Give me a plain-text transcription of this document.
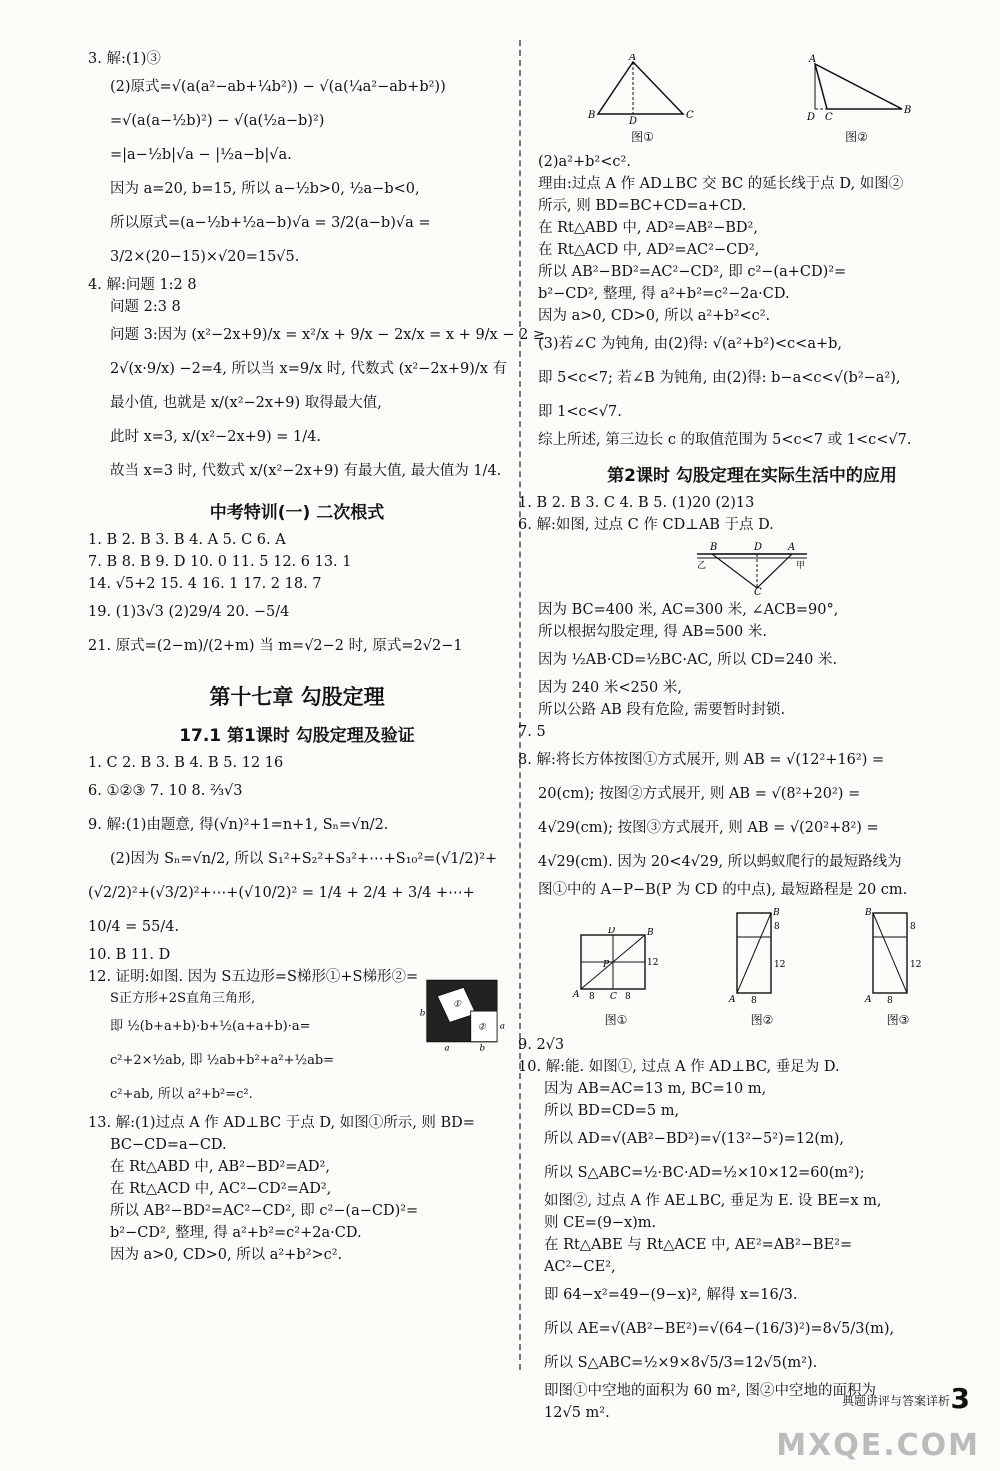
3. 解:(1)③

(2)原式=√(a(a²−ab+¼b²)) − √(a(¼a²−ab+b²))

=√(a(a−½b)²) − √(a(½a−b)²)

=|a−½b|√a − |½a−b|√a.

因为 a=20, b=15, 所以 a−½b>0, ½a−b<0,

所以原式=(a−½b+½a−b)√a = 3/2(a−b)√a =

3/2×(20−15)×√20=15√5.

4. 解:问题 1:2 8

问题 2:3 8

问题 3:因为 (x²−2x+9)/x = x²/x + 9/x − 2x/x = x + 9/x − 2 ≥

2√(x·9/x) −2=4, 所以当 x=9/x 时, 代数式 (x²−2x+9)/x 有

最小值, 也就是 x/(x²−2x+9) 取得最大值,

此时 x=3, x/(x²−2x+9) = 1/4.

故当 x=3 时, 代数式 x/(x²−2x+9) 有最大值, 最大值为 1/4.

中考特训(一) 二次根式

1. B 2. B 3. B 4. A 5. C 6. A

7. B 8. B 9. D 10. 0 11. 5 12. 6 13. 1

14. √5+2 15. 4 16. 1 17. 2 18. 7

19. (1)3√3 (2)29/4 20. −5/4

21. 原式=(2−m)/(2+m) 当 m=√2−2 时, 原式=2√2−1

第十七章 勾股定理
17.1 第1课时 勾股定理及验证

1. C 2. B 3. B 4. B 5. 12 16

6. ①②③ 7. 10 8. ⅔√3

9. 解:(1)由题意, 得(√n)²+1=n+1, Sₙ=√n/2.

(2)因为 Sₙ=√n/2, 所以 S₁²+S₂²+S₃²+⋯+S₁₀²=(√1/2)²+

(√2/2)²+(√3/2)²+⋯+(√10/2)² = 1/4 + 2/4 + 3/4 +⋯+

10/4 = 55/4.

10. B 11. D

12. 证明:如图. 因为 S五边形=S梯形①+S梯形②=

S正方形+2S直角三角形,

即 ½(b+a+b)·b+½(a+a+b)·a=

c²+2×½ab, 即 ½ab+b²+a²+½ab=

c²+ab, 所以 a²+b²=c².

①
②
b
a	b
a

13. 解:(1)过点 A 作 AD⊥BC 于点 D, 如图①所示, 则 BD=

BC−CD=a−CD.

在 Rt△ABD 中, AB²−BD²=AD²,

在 Rt△ACD 中, AC²−CD²=AD²,

所以 AB²−BD²=AC²−CD², 即 c²−(a−CD)²=

b²−CD², 整理, 得 a²+b²=c²+2a·CD.

因为 a>0, CD>0, 所以 a²+b²>c².

A
B	C
D
图①
A
D C
B
图②

(2)a²+b²<c².

理由:过点 A 作 AD⊥BC 交 BC 的延长线于点 D, 如图②

所示, 则 BD=BC+CD=a+CD.

在 Rt△ABD 中, AD²=AB²−BD²,

在 Rt△ACD 中, AD²=AC²−CD²,

所以 AB²−BD²=AC²−CD², 即 c²−(a+CD)²=

b²−CD², 整理, 得 a²+b²=c²−2a·CD.

因为 a>0, CD>0, 所以 a²+b²<c².

(3)若∠C 为钝角, 由(2)得: √(a²+b²)<c<a+b,

即 5<c<7; 若∠B 为钝角, 由(2)得: b−a<c<√(b²−a²),

即 1<c<√7.

综上所述, 第三边长 c 的取值范围为 5<c<7 或 1<c<√7.

第2课时 勾股定理在实际生活中的应用

1. B 2. B 3. C 4. B 5. (1)20 (2)13

6. 解:如图, 过点 C 作 CD⊥AB 于点 D.

B	D	A
C
乙	甲

因为 BC=400 米, AC=300 米, ∠ACB=90°,

所以根据勾股定理, 得 AB=500 米.

因为 ½AB·CD=½BC·AC, 所以 CD=240 米.

因为 240 米<250 米,

所以公路 AB 段有危险, 需要暂时封锁.

7. 5

8. 解:将长方体按图①方式展开, 则 AB = √(12²+16²) =

20(cm); 按图②方式展开, 则 AB = √(8²+20²) =

4√29(cm); 按图③方式展开, 则 AB = √(20²+8²) =

4√29(cm). 因为 20<4√29, 所以蚂蚁爬行的最短路线为

图①中的 A−P−B(P 为 CD 的中点), 最短路程是 20 cm.

A
B
D
P
C
8	8
12
图①
A
B
8
12
8
图②
B
A
8
12
8
图③

9. 2√3

10. 解:能. 如图①, 过点 A 作 AD⊥BC, 垂足为 D.

因为 AB=AC=13 m, BC=10 m,

所以 BD=CD=5 m,

所以 AD=√(AB²−BD²)=√(13²−5²)=12(m),

所以 S△ABC=½·BC·AD=½×10×12=60(m²);

如图②, 过点 A 作 AE⊥BC, 垂足为 E. 设 BE=x m,

则 CE=(9−x)m.

在 Rt△ABE 与 Rt△ACE 中, AE²=AB²−BE²=

AC²−CE²,

即 64−x²=49−(9−x)², 解得 x=16/3.

所以 AE=√(AB²−BE²)=√(64−(16/3)²)=8√5/3(m),

所以 S△ABC=½×9×8√5/3=12√5(m²).

即图①中空地的面积为 60 m², 图②中空地的面积为

12√5 m².

典题讲评与答案详析 3
MXQE.COM
